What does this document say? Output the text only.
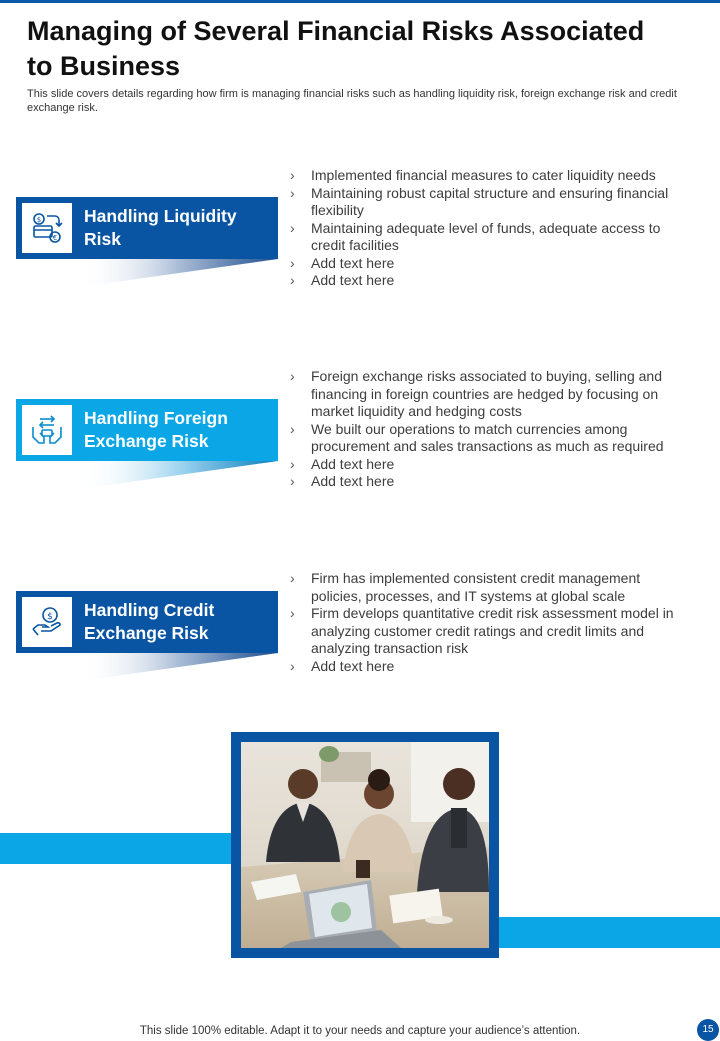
Managing of Several Financial Risks Associated to Business
This slide covers details regarding how firm is managing financial risks such as handling liquidity risk, foreign exchange risk and credit exchange risk.
$
€
Handling Liquidity Risk
› Implemented financial measures to cater liquidity needs
› Maintaining robust capital structure and ensuring financial flexibility
› Maintaining adequate level of funds, adequate access to credit facilities
› Add text here
› Add text here
Handling Foreign Exchange Risk
› Foreign exchange risks associated to buying, selling and financing in foreign countries are hedged by focusing on market liquidity and hedging costs
› We built our operations to match currencies among procurement and sales transactions as much as required
› Add text here
› Add text here
$ Handling Credit Exchange Risk
› Firm has implemented consistent credit management policies, processes, and IT systems at global scale
› Firm develops quantitative credit risk assessment model in analyzing customer credit ratings and credit limits and analyzing transaction risk
› Add text here
This slide 100% editable. Adapt it to your needs and capture your audience’s attention.	15
